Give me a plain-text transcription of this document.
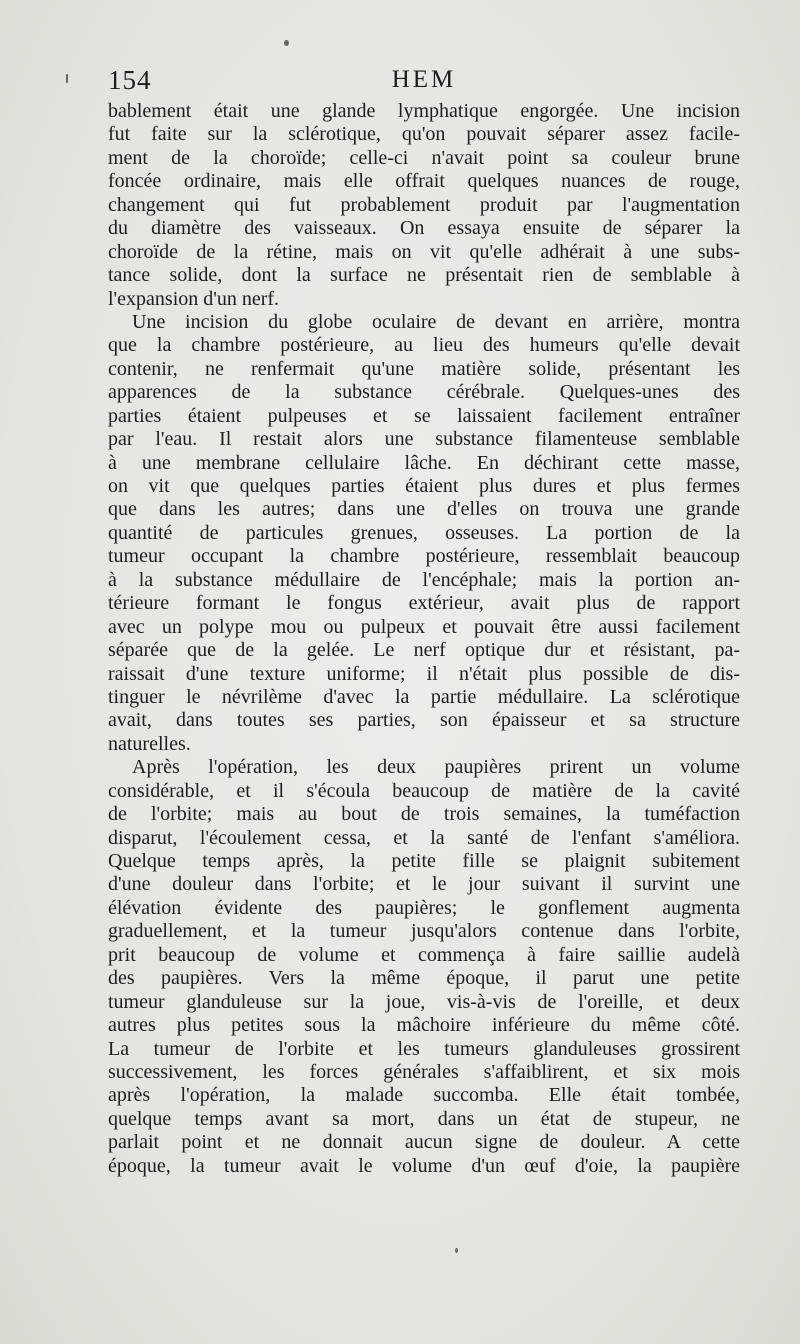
154	HEM
bablement était une glande lymphatique engorgée. Une incision
fut faite sur la sclérotique, qu'on pouvait séparer assez facile-
ment de la choroïde; celle-ci n'avait point sa couleur brune
foncée ordinaire, mais elle offrait quelques nuances de rouge,
changement qui fut probablement produit par l'augmentation
du diamètre des vaisseaux. On essaya ensuite de séparer la
choroïde de la rétine, mais on vit qu'elle adhérait à une subs-
tance solide, dont la surface ne présentait rien de semblable à
l'expansion d'un nerf.
Une incision du globe oculaire de devant en arrière, montra
que la chambre postérieure, au lieu des humeurs qu'elle devait
contenir, ne renfermait qu'une matière solide, présentant les
apparences de la substance cérébrale. Quelques-unes des
parties étaient pulpeuses et se laissaient facilement entraîner
par l'eau. Il restait alors une substance filamenteuse semblable
à une membrane cellulaire lâche. En déchirant cette masse,
on vit que quelques parties étaient plus dures et plus fermes
que dans les autres; dans une d'elles on trouva une grande
quantité de particules grenues, osseuses. La portion de la
tumeur occupant la chambre postérieure, ressemblait beaucoup
à la substance médullaire de l'encéphale; mais la portion an-
térieure formant le fongus extérieur, avait plus de rapport
avec un polype mou ou pulpeux et pouvait être aussi facilement
séparée que de la gelée. Le nerf optique dur et résistant, pa-
raissait d'une texture uniforme; il n'était plus possible de dis-
tinguer le névrilème d'avec la partie médullaire. La sclérotique
avait, dans toutes ses parties, son épaisseur et sa structure
naturelles.
Après l'opération, les deux paupières prirent un volume
considérable, et il s'écoula beaucoup de matière de la cavité
de l'orbite; mais au bout de trois semaines, la tuméfaction
disparut, l'écoulement cessa, et la santé de l'enfant s'améliora.
Quelque temps après, la petite fille se plaignit subitement
d'une douleur dans l'orbite; et le jour suivant il survint une
élévation évidente des paupières; le gonflement augmenta
graduellement, et la tumeur jusqu'alors contenue dans l'orbite,
prit beaucoup de volume et commença à faire saillie audelà
des paupières. Vers la même époque, il parut une petite
tumeur glanduleuse sur la joue, vis-à-vis de l'oreille, et deux
autres plus petites sous la mâchoire inférieure du même côté.
La tumeur de l'orbite et les tumeurs glanduleuses grossirent
successivement, les forces générales s'affaiblirent, et six mois
après l'opération, la malade succomba. Elle était tombée,
quelque temps avant sa mort, dans un état de stupeur, ne
parlait point et ne donnait aucun signe de douleur. A cette
époque, la tumeur avait le volume d'un œuf d'oie, la paupière
